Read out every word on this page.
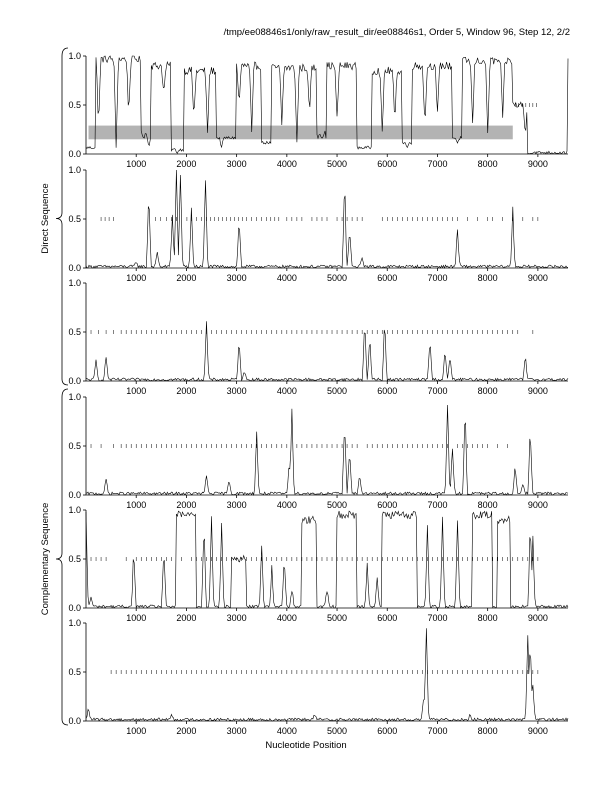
/tmp/ee08846s1/only/raw_result_dir/ee08846s1, Order 5, Window 96, Step 12, 2/2
0.0
0.5
1.0
1000	2000	3000	4000	5000	6000	7000	8000	9000
0.0
0.5
1.0
1000	2000	3000	4000	5000	6000	7000	8000	9000
0.0
0.5
1.0
1000	2000	3000	4000	5000	6000	7000	8000	9000
0.0
0.5
1.0
1000	2000	3000	4000	5000	6000	7000	8000	9000
0.0
0.5
1.0
1000	2000	3000	4000	5000	6000	7000	8000	9000
0.0
0.5
1.0
1000	2000	3000	4000	5000	6000	7000	8000	9000
Direct Sequence
Complementary Sequence
Nucleotide Position
